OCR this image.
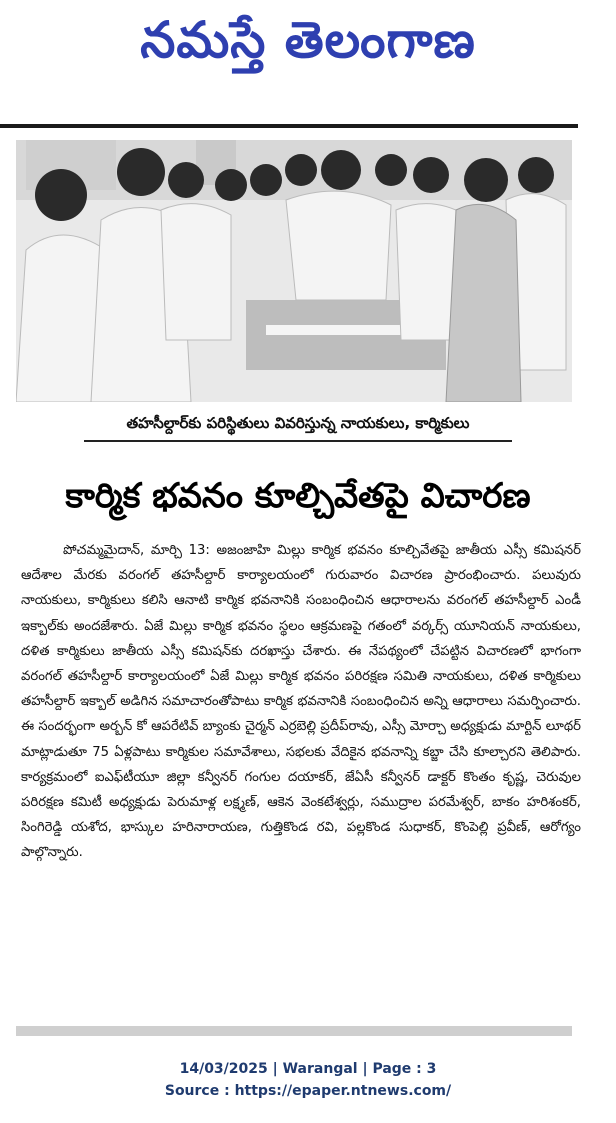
నమస్తే తెలంగాణ
తహసీల్దార్‌కు పరిస్థితులు వివరిస్తున్న నాయకులు, కార్మికులు
కార్మిక భవనం కూల్చివేతపై విచారణ
పోచమ్మమైదాన్, మార్చి 13: అజంజాహి మిల్లు కార్మిక భవనం కూల్చివేతపై జాతీయ ఎస్సీ కమిషనర్ ఆదేశాల మేరకు వరంగల్ తహసీల్దార్ కార్యాలయంలో గురువారం విచారణ ప్రారంభించారు. పలువురు నాయకులు, కార్మికులు కలిసి ఆనాటి కార్మిక భవనానికి సంబంధించిన ఆధారాలను వరంగల్ తహసీల్దార్ ఎండీ ఇక్బాల్‌కు అందజేశారు. ఏజే మిల్లు కార్మిక భవనం స్థలం ఆక్రమణపై గతంలో వర్కర్స్ యూనియన్ నాయకులు, దళిత కార్మికులు జాతీయ ఎస్సీ కమిషన్‌కు దరఖాస్తు చేశారు. ఈ నేపథ్యంలో చేపట్టిన విచారణలో భాగంగా వరంగల్ తహసీల్దార్ కార్యాలయంలో ఏజే మిల్లు కార్మిక భవనం పరిరక్షణ సమితి నాయకులు, దళిత కార్మికులు తహసీల్దార్ ఇక్బాల్ అడిగిన సమాచారంతోపాటు కార్మిక భవనానికి సంబంధించిన అన్ని ఆధారాలు సమర్పించారు. ఈ సందర్భంగా అర్బన్ కో ఆపరేటివ్ బ్యాంకు చైర్మన్ ఎర్రబెల్లి ప్రదీప్‌రావు, ఎస్సీ మోర్చా అధ్యక్షుడు మార్టిన్ లూథర్ మాట్లాడుతూ 75 ఏళ్లపాటు కార్మికుల సమావేశాలు, సభలకు వేదికైన భవనాన్ని కబ్జా చేసి కూల్చారని తెలిపారు. కార్యక్రమంలో ఐఎఫ్‌టీయూ జిల్లా కన్వీనర్ గంగుల దయాకర్, జేఏసీ కన్వీనర్ డాక్టర్ కొంతం కృష్ణ, చెరువుల పరిరక్షణ కమిటీ అధ్యక్షుడు పెరుమాళ్ల లక్ష్మణ్, ఆకెన వెంకటేశ్వర్లు, సముద్రాల పరమేశ్వర్, బాకం హరిశంకర్, సింగిరెడ్డి యశోద, భాస్కుల హరినారాయణ, గుత్తికొండ రవి, పల్లకొండ సుధాకర్, కొంపెల్లి ప్రవీణ్, ఆరోగ్యం పాల్గొన్నారు.
14/03/2025 | Warangal | Page : 3
Source : https://epaper.ntnews.com/
